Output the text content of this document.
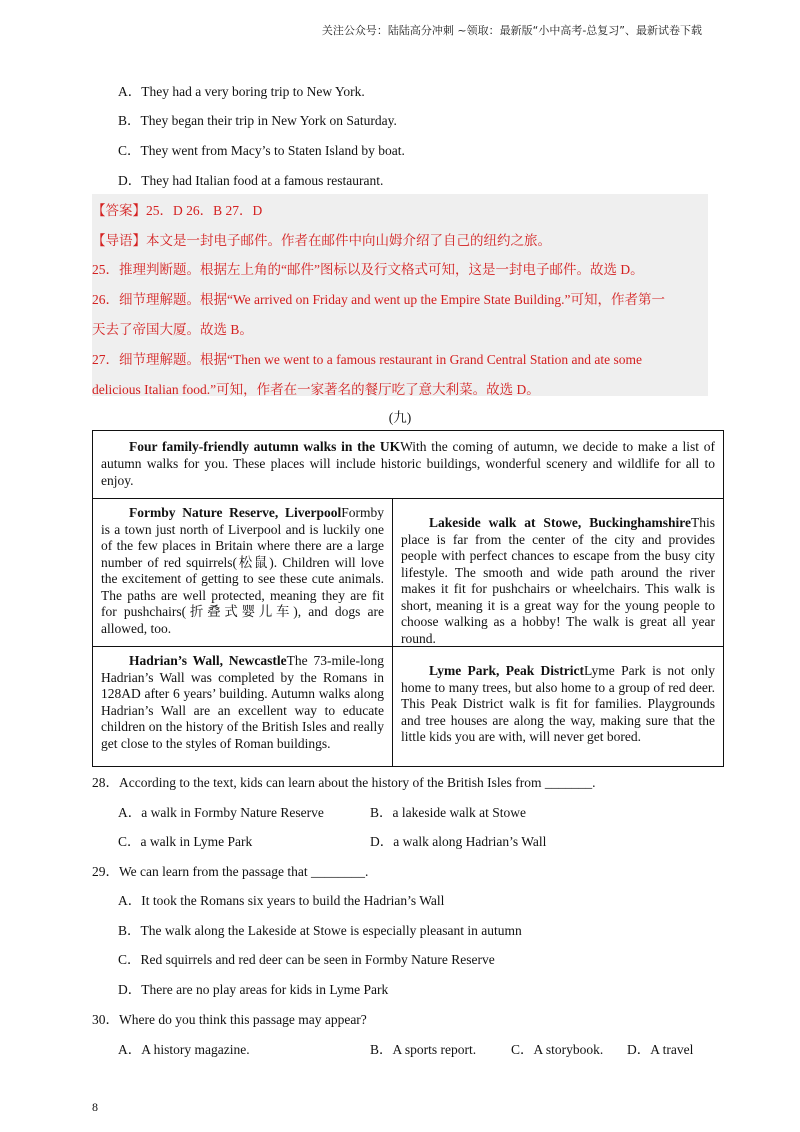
关注公众号：陆陆高分冲刺 ~领取：最新版“小中高考-总复习”、最新试卷下载
A．They had a very boring trip to New York.
B．They began their trip in New York on Saturday.
C．They went from Macy’s to Staten Island by boat.
D．They had Italian food at a famous restaurant.
【答案】25．D 26．B 27．D
【导语】本文是一封电子邮件。作者在邮件中向山姆介绍了自己的纽约之旅。
25．推理判断题。根据左上角的“邮件”图标以及行文格式可知，这是一封电子邮件。故选 D。
26．细节理解题。根据“We arrived on Friday and went up the Empire State Building.”可知，作者第一
天去了帝国大厦。故选 B。
27．细节理解题。根据“Then we went to a famous restaurant in Grand Central Station and ate some
delicious Italian food.”可知，作者在一家著名的餐厅吃了意大利菜。故选 D。
(九)
Four family-friendly autumn walks in the UKWith the coming of autumn, we decide to make a list of autumn walks for you. These places will include historic buildings, wonderful scenery and wildlife for all to enjoy.
Formby Nature Reserve, LiverpoolFormby is a town just north of Liverpool and is luckily one of the few places in Britain where there are a large number of red squirrels(松鼠). Children will love the excitement of getting to see these cute animals. The paths are well protected, meaning they are fit for pushchairs(折叠式婴儿车), and dogs are allowed, too.
Lakeside walk at Stowe, BuckinghamshireThis place is far from the center of the city and provides people with perfect chances to escape from the busy city lifestyle. The smooth and wide path around the river makes it fit for pushchairs or wheelchairs. This walk is short, meaning it is a great way for the young people to choose walking as a hobby! The walk is great all year round.
Hadrian’s Wall, NewcastleThe 73-mile-long Hadrian’s Wall was completed by the Romans in 128AD after 6 years’ building. Autumn walks along Hadrian’s Wall are an excellent way to educate children on the history of the British Isles and really get close to the styles of Roman buildings.
Lyme Park, Peak DistrictLyme Park is not only home to many trees, but also home to a group of red deer. This Peak District walk is fit for families. Playgrounds and tree houses are along the way, making sure that the little kids you are with, will never get bored.
28．According to the text, kids can learn about the history of the British Isles from _______.
A．a walk in Formby Nature Reserve	B．a lakeside walk at Stowe
C．a walk in Lyme Park	D．a walk along Hadrian’s Wall
29．We can learn from the passage that ________.
A．It took the Romans six years to build the Hadrian’s Wall
B．The walk along the Lakeside at Stowe is especially pleasant in autumn
C．Red squirrels and red deer can be seen in Formby Nature Reserve
D．There are no play areas for kids in Lyme Park
30．Where do you think this passage may appear?
A．A history magazine.	B．A sports report.	C．A storybook. D．A travel
8
